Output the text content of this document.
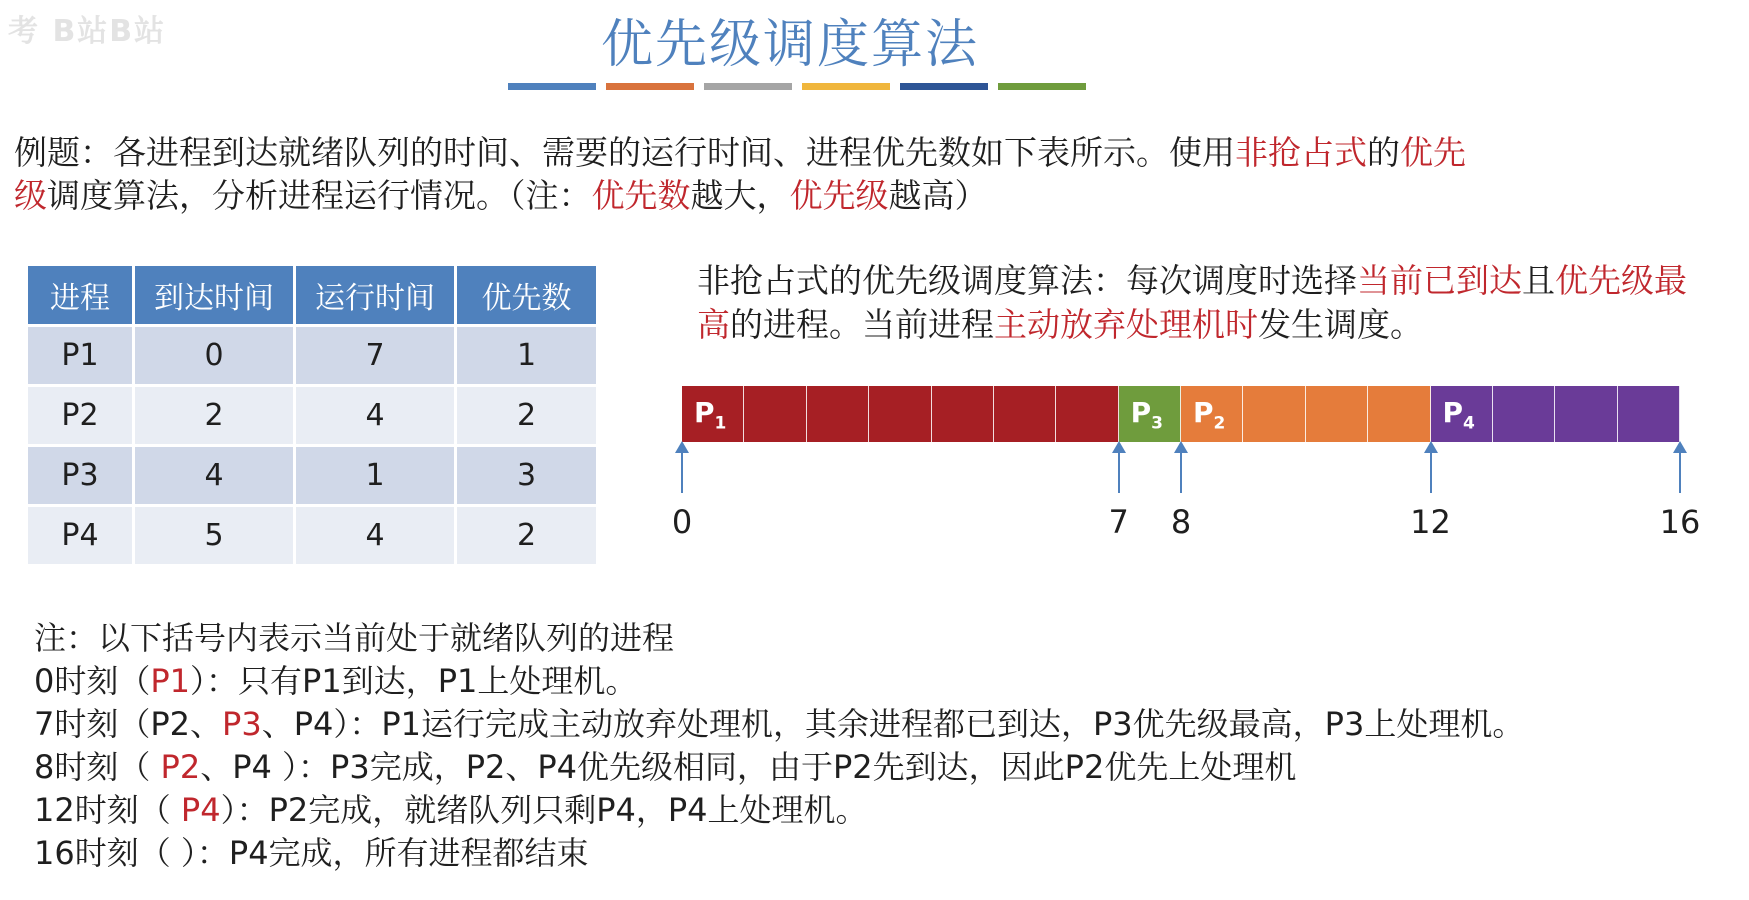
考 B站B站	优先级调度算法
例题：各进程到达就绪队列的时间、需要的运行时间、进程优先数如下表所示。使用非抢占式的优先
级调度算法，分析进程运行情况。（注：优先数越大，优先级越高）
进程	到达时间	运行时间	优先数
P1	0	7	1
P2	2	4	2
P3	4	1	3
P4	5	4	2
非抢占式的优先级调度算法：每次调度时选择当前已到达且优先级最高的进程。当前进程主动放弃处理机时发生调度。
$P_1$	$P_3$ $P_2$	$P_4$
0	7 8	12	16
注：以下括号内表示当前处于就绪队列的进程
0时刻（P1）：只有P1到达，P1上处理机。
7时刻（P2、P3、P4）：P1运行完成主动放弃处理机，其余进程都已到达，P3优先级最高，P3上处理机。
8时刻（ P2、P4 ）：P3完成，P2、P4优先级相同，由于P2先到达，因此P2优先上处理机
12时刻（ P4）：P2完成，就绪队列只剩P4，P4上处理机。
16时刻（ ）：P4完成，所有进程都结束
